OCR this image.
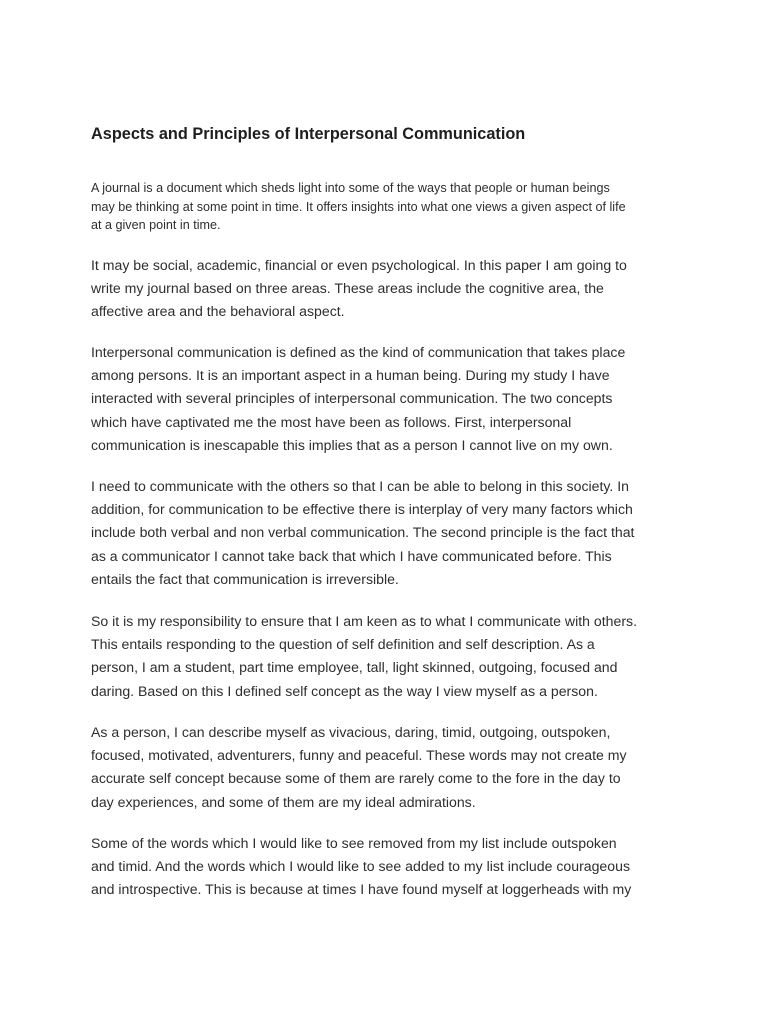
Aspects and Principles of Interpersonal Communication

A journal is a document which sheds light into some of the ways that people or human beings
may be thinking at some point in time. It offers insights into what one views a given aspect of life
at a given point in time.

It may be social, academic, financial or even psychological. In this paper I am going to
write my journal based on three areas. These areas include the cognitive area, the
affective area and the behavioral aspect.

Interpersonal communication is defined as the kind of communication that takes place
among persons. It is an important aspect in a human being. During my study I have
interacted with several principles of interpersonal communication. The two concepts
which have captivated me the most have been as follows. First, interpersonal
communication is inescapable this implies that as a person I cannot live on my own.

I need to communicate with the others so that I can be able to belong in this society. In
addition, for communication to be effective there is interplay of very many factors which
include both verbal and non verbal communication. The second principle is the fact that
as a communicator I cannot take back that which I have communicated before. This
entails the fact that communication is irreversible.

So it is my responsibility to ensure that I am keen as to what I communicate with others.
This entails responding to the question of self definition and self description. As a
person, I am a student, part time employee, tall, light skinned, outgoing, focused and
daring. Based on this I defined self concept as the way I view myself as a person.

As a person, I can describe myself as vivacious, daring, timid, outgoing, outspoken,
focused, motivated, adventurers, funny and peaceful. These words may not create my
accurate self concept because some of them are rarely come to the fore in the day to
day experiences, and some of them are my ideal admirations.

Some of the words which I would like to see removed from my list include outspoken
and timid. And the words which I would like to see added to my list include courageous
and introspective. This is because at times I have found myself at loggerheads with my
